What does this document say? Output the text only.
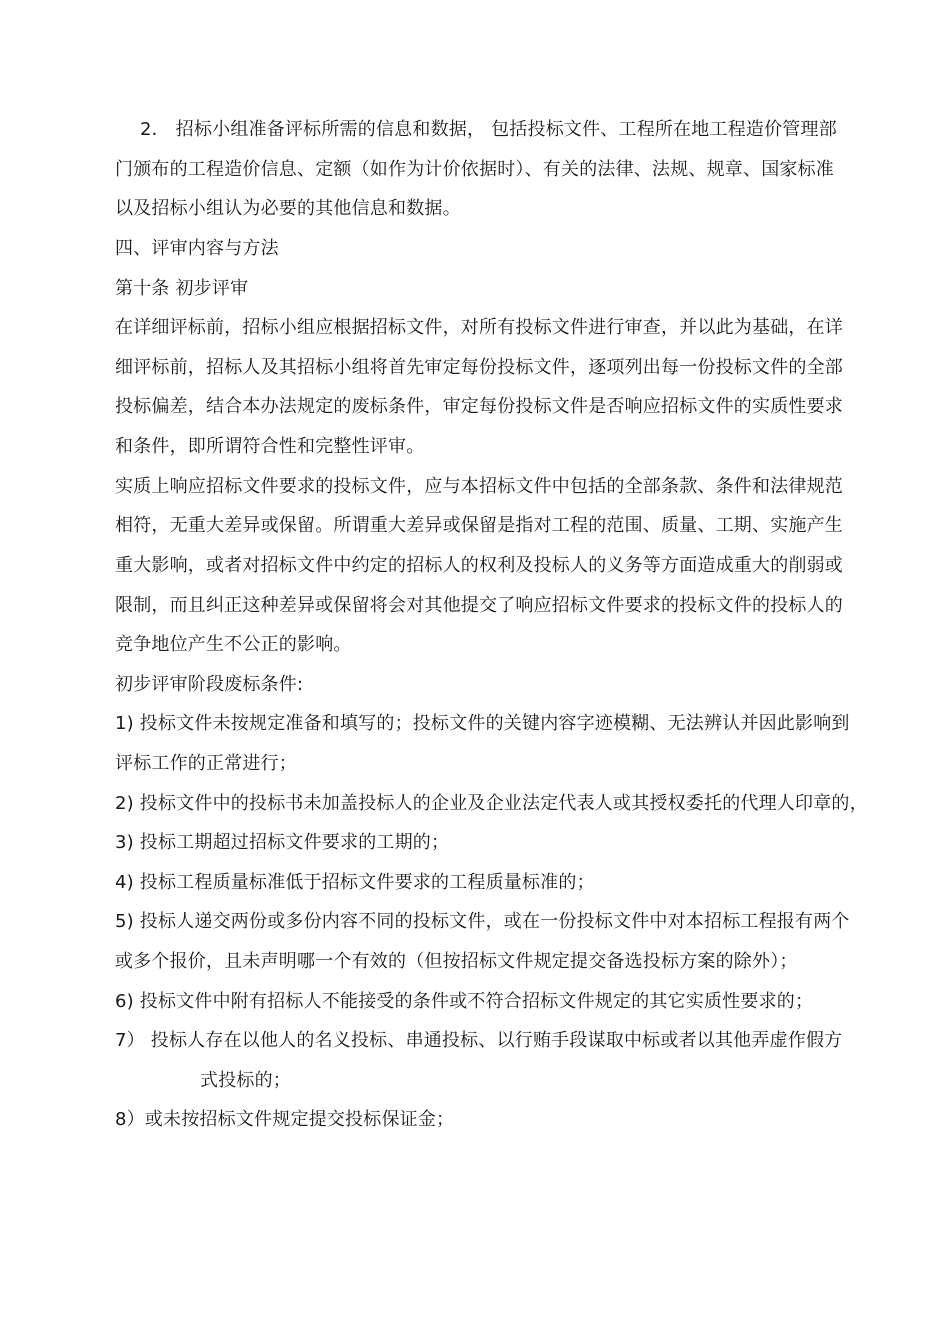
2． 招标小组准备评标所需的信息和数据， 包括投标文件、工程所在地工程造价管理部
门颁布的工程造价信息、定额（如作为计价依据时）、有关的法律、法规、规章、国家标准
以及招标小组认为必要的其他信息和数据。
四、评审内容与方法
第十条 初步评审
在详细评标前，招标小组应根据招标文件，对所有投标文件进行审查，并以此为基础，在详
细评标前，招标人及其招标小组将首先审定每份投标文件，逐项列出每一份投标文件的全部
投标偏差，结合本办法规定的废标条件，审定每份投标文件是否响应招标文件的实质性要求
和条件，即所谓符合性和完整性评审。
实质上响应招标文件要求的投标文件，应与本招标文件中包括的全部条款、条件和法律规范
相符，无重大差异或保留。所谓重大差异或保留是指对工程的范围、质量、工期、实施产生
重大影响，或者对招标文件中约定的招标人的权利及投标人的义务等方面造成重大的削弱或
限制，而且纠正这种差异或保留将会对其他提交了响应招标文件要求的投标文件的投标人的
竞争地位产生不公正的影响。
初步评审阶段废标条件:
1) 投标文件未按规定准备和填写的；投标文件的关键内容字迹模糊、无法辨认并因此影响到
评标工作的正常进行；
2) 投标文件中的投标书未加盖投标人的企业及企业法定代表人或其授权委托的代理人印章的，
3) 投标工期超过招标文件要求的工期的；
4) 投标工程质量标准低于招标文件要求的工程质量标准的；
5) 投标人递交两份或多份内容不同的投标文件，或在一份投标文件中对本招标工程报有两个
或多个报价，且未声明哪一个有效的（但按招标文件规定提交备选投标方案的除外）；
6) 投标文件中附有招标人不能接受的条件或不符合招标文件规定的其它实质性要求的；
7） 投标人存在以他人的名义投标、串通投标、以行贿手段谋取中标或者以其他弄虚作假方
式投标的；
8）或未按招标文件规定提交投标保证金；
